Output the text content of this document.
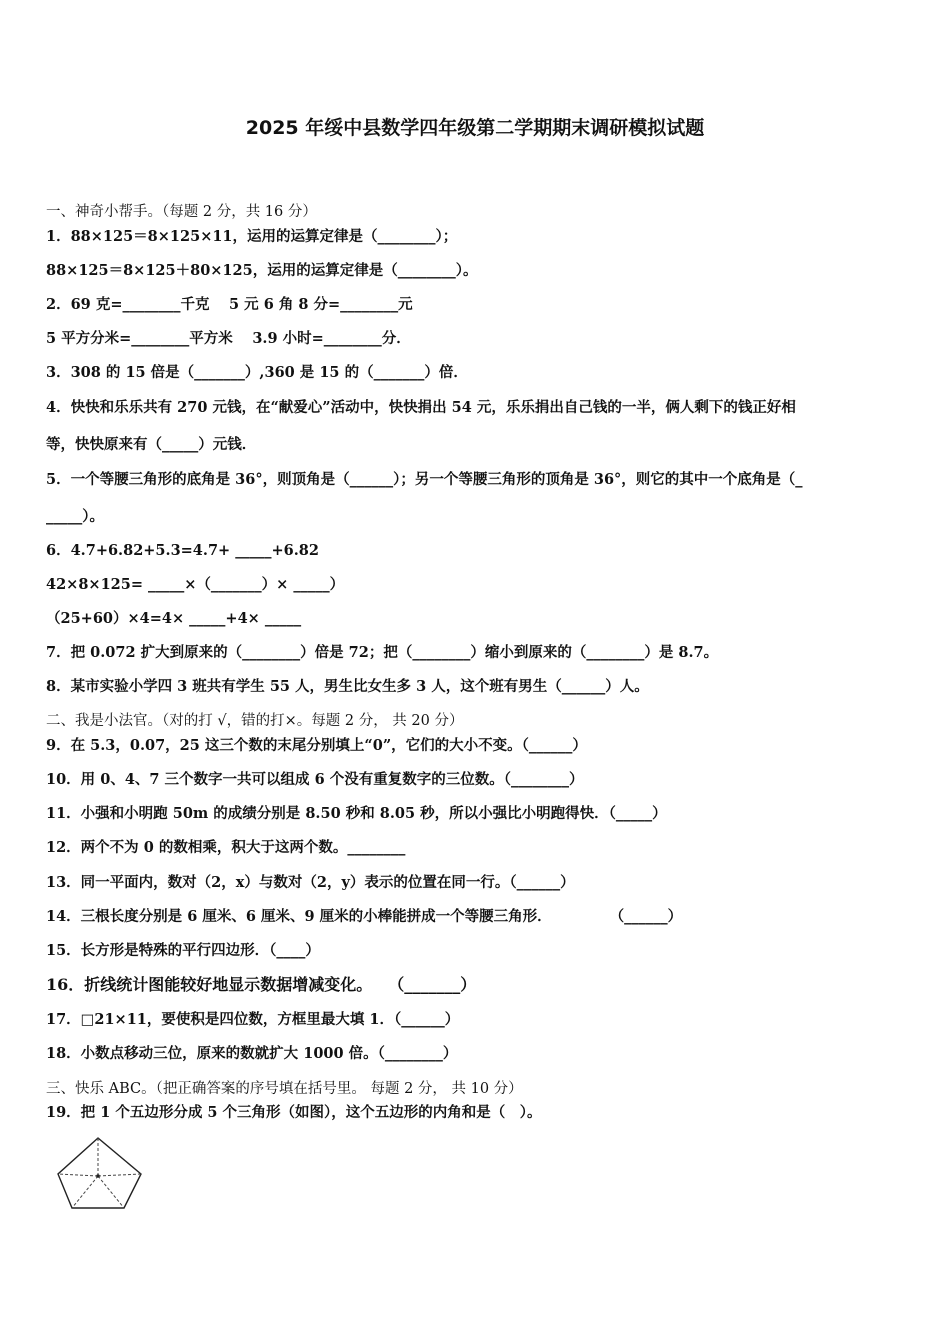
2025 年绥中县数学四年级第二学期期末调研模拟试题
一、神奇小帮手。（每题 2 分，共 16 分）
1．88×125＝8×125×11，运用的运算定律是（________）；
88×125＝8×125＋80×125，运用的运算定律是（________）。
2．69 克=________千克　 5 元 6 角 8 分=________元
5 平方分米=________平方米　 3.9 小时=________分．
3．308 的 15 倍是（_______）,360 是 15 的（_______）倍．
4．快快和乐乐共有 270 元钱，在“献爱心”活动中，快快捐出 54 元，乐乐捐出自己钱的一半，俩人剩下的钱正好相
等，快快原来有（_____）元钱．
5．一个等腰三角形的底角是 36°，则顶角是（______）；另一个等腰三角形的顶角是 36°，则它的其中一个底角是（_
_____）。
6．4.7+6.82+5.3=4.7+ _____+6.82
42×8×125= _____×（_______）× _____）
（25+60）×4=4× _____+4× _____
7．把 0.072 扩大到原来的（________）倍是 72；把（________）缩小到原来的（________）是 8.7。
8．某市实验小学四 3 班共有学生 55 人，男生比女生多 3 人，这个班有男生（______）人。
二、我是小法官。（对的打 √，错的打×。每题 2 分， 共 20 分）
9．在 5.3，0.07，25 这三个数的末尾分别填上“0”，它们的大小不变。（______）
10．用 0、4、7 三个数字一共可以组成 6 个没有重复数字的三位数。（________）
11．小强和小明跑 50m 的成绩分别是 8.50 秒和 8.05 秒，所以小强比小明跑得快．（_____）
12．两个不为 0 的数相乘，积大于这两个数。________
13．同一平面内，数对（2，x）与数对（2，y）表示的位置在同一行。（______）
14．三根长度分别是 6 厘米、6 厘米、9 厘米的小棒能拼成一个等腰三角形．　　　　　（______）
15．长方形是特殊的平行四边形．（____）
16．折线统计图能较好地显示数据增减变化。　　（_______）
17．□21×11，要使积是四位数，方框里最大填 1．（______）
18．小数点移动三位，原来的数就扩大 1000 倍。（________）
三、快乐 ABC。（把正确答案的序号填在括号里。 每题 2 分， 共 10 分）
19．把 1 个五边形分成 5 个三角形（如图），这个五边形的内角和是（　）。
